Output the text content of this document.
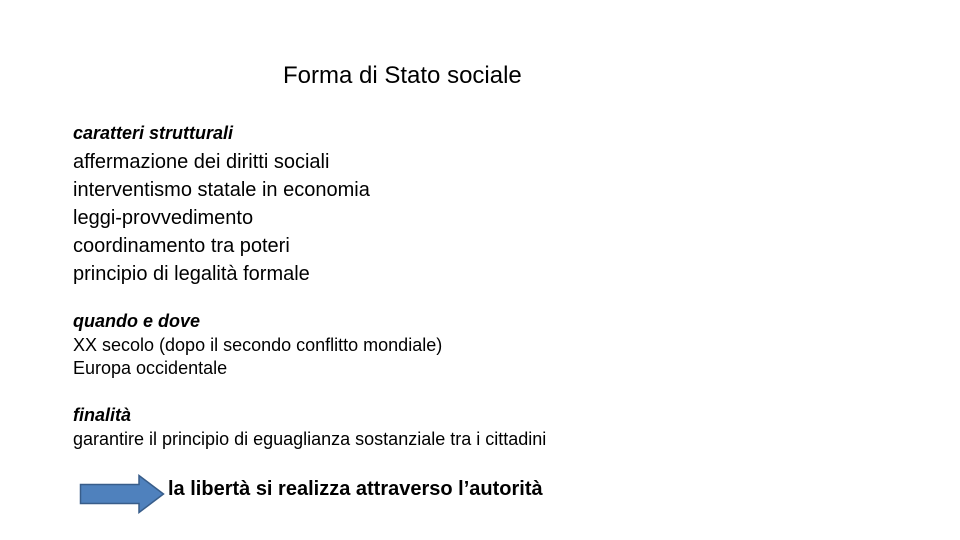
Forma di Stato sociale
caratteri strutturali
affermazione dei diritti sociali
interventismo statale in economia
leggi-provvedimento
coordinamento tra poteri
principio di legalità formale
quando e dove
XX secolo (dopo il secondo conflitto mondiale)
Europa occidentale
finalità
garantire il principio di eguaglianza sostanziale tra i cittadini
la libertà si realizza attraverso l’autorità
